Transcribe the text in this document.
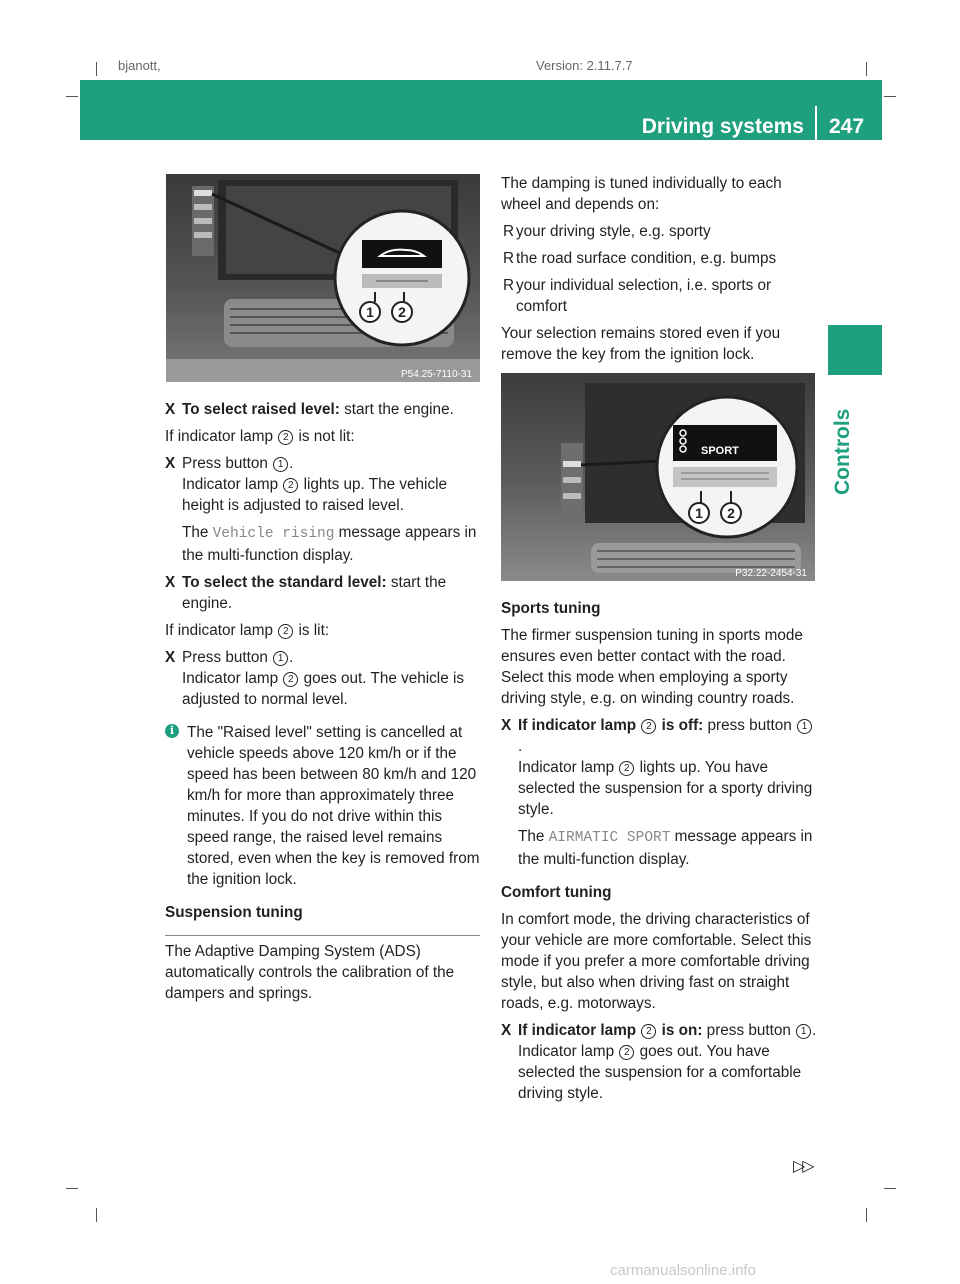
bjanott,	Version: 2.11.7.7
Driving systems 247
Controls
1 2
P54.25-7110-31

X To select raised level: start the engine.

If indicator lamp 2 is not lit:

X Press button 1 .

Indicator lamp 2 lights up. The vehicle height is adjusted to raised level.

The Vehicle rising message appears in the multi-function display.

X To select the standard level: start the engine.

If indicator lamp 2 is lit:

X Press button 1 .

Indicator lamp 2 goes out. The vehicle is adjusted to normal level.

i The "Raised level" setting is cancelled at vehicle speeds above 120 km/h or if the speed has been between 80 km/h and 120 km/h for more than approximately three minutes. If you do not drive within this speed range, the raised level remains stored, even when the key is removed from the ignition lock.

Suspension tuning

The Adaptive Damping System (ADS) automatically controls the calibration of the dampers and springs.

The damping is tuned individually to each wheel and depends on:

R your driving style, e.g. sporty

R the road surface condition, e.g. bumps

R your individual selection, i.e. sports or comfort

Your selection remains stored even if you remove the key from the ignition lock.

SPORT
1 2
P32.22-2454-31

Sports tuning

The firmer suspension tuning in sports mode ensures even better contact with the road. Select this mode when employing a sporty driving style, e.g. on winding country roads.

X If indicator lamp 2 is off: press button 1.

Indicator lamp 2 lights up. You have selected the suspension for a sporty driving style.

The AIRMATIC SPORT message appears in the multi-function display.

Comfort tuning

In comfort mode, the driving characteristics of your vehicle are more comfortable. Select this mode if you prefer a more comfortable driving style, but also when driving fast on straight roads, e.g. motorways.

X If indicator lamp 2 is on: press button 1 .

Indicator lamp 2 goes out. You have selected the suspension for a comfortable driving style.

▷▷
carmanualsonline.info
